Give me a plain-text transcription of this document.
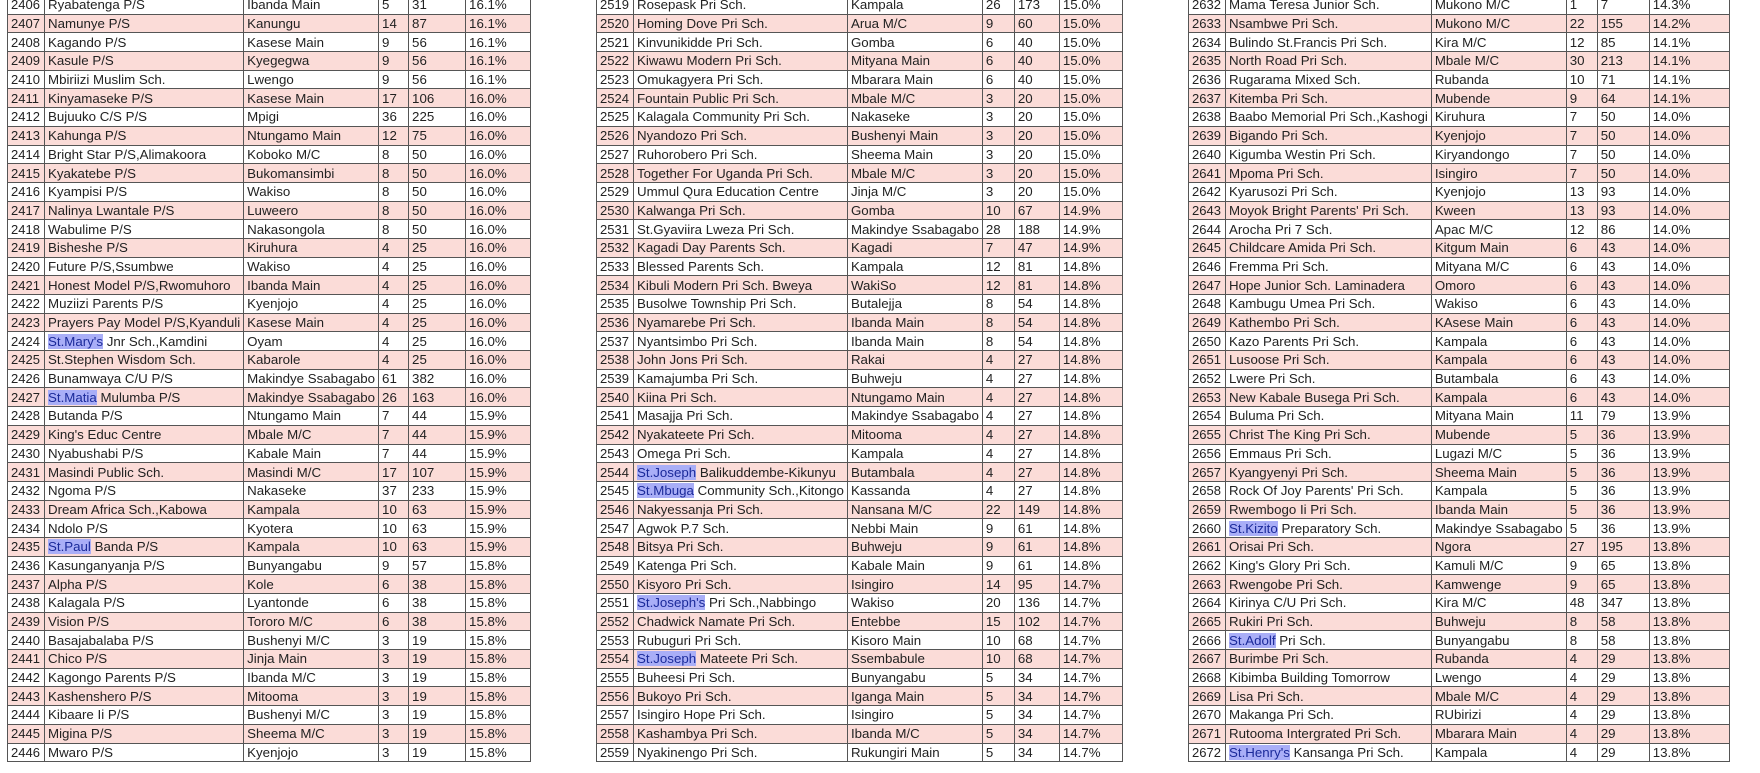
2406	Ryabatenga P/S	Ibanda Main	5	31	16.1%
2407	Namunye P/S	Kanungu	14	87	16.1%
2408	Kagando P/S	Kasese Main	9	56	16.1%
2409	Kasule P/S	Kyegegwa	9	56	16.1%
2410	Mbiriizi Muslim Sch.	Lwengo	9	56	16.1%
2411	Kinyamaseke P/S	Kasese Main	17	106	16.0%
2412	Bujuuko C/S P/S	Mpigi	36	225	16.0%
2413	Kahunga P/S	Ntungamo Main	12	75	16.0%
2414	Bright Star P/S,Alimakoora	Koboko M/C	8	50	16.0%
2415	Kyakatebe P/S	Bukomansimbi	8	50	16.0%
2416	Kyampisi P/S	Wakiso	8	50	16.0%
2417	Nalinya Lwantale P/S	Luweero	8	50	16.0%
2418	Wabulime P/S	Nakasongola	8	50	16.0%
2419	Bisheshe P/S	Kiruhura	4	25	16.0%
2420	Future P/S,Ssumbwe	Wakiso	4	25	16.0%
2421	Honest Model P/S,Rwomuhoro	Ibanda Main	4	25	16.0%
2422	Muziizi Parents P/S	Kyenjojo	4	25	16.0%
2423	Prayers Pay Model P/S,Kyanduli	Kasese Main	4	25	16.0%
2424	St.Mary's Jnr Sch.,Kamdini	Oyam	4	25	16.0%
2425	St.Stephen Wisdom Sch.	Kabarole	4	25	16.0%
2426	Bunamwaya C/U P/S	Makindye Ssabagabo	61	382	16.0%
2427	St.Matia Mulumba P/S	Makindye Ssabagabo	26	163	16.0%
2428	Butanda P/S	Ntungamo Main	7	44	15.9%
2429	King's Educ Centre	Mbale M/C	7	44	15.9%
2430	Nyabushabi P/S	Kabale Main	7	44	15.9%
2431	Masindi Public Sch.	Masindi M/C	17	107	15.9%
2432	Ngoma P/S	Nakaseke	37	233	15.9%
2433	Dream Africa Sch.,Kabowa	Kampala	10	63	15.9%
2434	Ndolo P/S	Kyotera	10	63	15.9%
2435	St.Paul Banda P/S	Kampala	10	63	15.9%
2436	Kasunganyanja P/S	Bunyangabu	9	57	15.8%
2437	Alpha P/S	Kole	6	38	15.8%
2438	Kalagala P/S	Lyantonde	6	38	15.8%
2439	Vision P/S	Tororo M/C	6	38	15.8%
2440	Basajabalaba P/S	Bushenyi M/C	3	19	15.8%
2441	Chico P/S	Jinja Main	3	19	15.8%
2442	Kagongo Parents P/S	Ibanda M/C	3	19	15.8%
2443	Kashenshero P/S	Mitooma	3	19	15.8%
2444	Kibaare Ii P/S	Bushenyi M/C	3	19	15.8%
2445	Migina P/S	Sheema M/C	3	19	15.8%
2446	Mwaro P/S	Kyenjojo	3	19	15.8%
2519	Rosepask Pri Sch.	Kampala	26	173	15.0%
2520	Homing Dove Pri Sch.	Arua M/C	9	60	15.0%
2521	Kinvunikidde Pri Sch.	Gomba	6	40	15.0%
2522	Kiwawu Modern Pri Sch.	Mityana Main	6	40	15.0%
2523	Omukagyera Pri Sch.	Mbarara Main	6	40	15.0%
2524	Fountain Public Pri Sch.	Mbale M/C	3	20	15.0%
2525	Kalagala Community Pri Sch.	Nakaseke	3	20	15.0%
2526	Nyandozo Pri Sch.	Bushenyi Main	3	20	15.0%
2527	Ruhorobero Pri Sch.	Sheema Main	3	20	15.0%
2528	Together For Uganda Pri Sch.	Mbale M/C	3	20	15.0%
2529	Ummul Qura Education Centre	Jinja M/C	3	20	15.0%
2530	Kalwanga Pri Sch.	Gomba	10	67	14.9%
2531	St.Gyaviira Lweza Pri Sch.	Makindye Ssabagabo	28	188	14.9%
2532	Kagadi Day Parents Sch.	Kagadi	7	47	14.9%
2533	Blessed Parents Sch.	Kampala	12	81	14.8%
2534	Kibuli Modern Pri Sch. Bweya	WakiSo	12	81	14.8%
2535	Busolwe Township Pri Sch.	Butalejja	8	54	14.8%
2536	Nyamarebe Pri Sch.	Ibanda Main	8	54	14.8%
2537	Nyantsimbo Pri Sch.	Ibanda Main	8	54	14.8%
2538	John Jons Pri Sch.	Rakai	4	27	14.8%
2539	Kamajumba Pri Sch.	Buhweju	4	27	14.8%
2540	Kiina Pri Sch.	Ntungamo Main	4	27	14.8%
2541	Masajja Pri Sch.	Makindye Ssabagabo	4	27	14.8%
2542	Nyakateete Pri Sch.	Mitooma	4	27	14.8%
2543	Omega Pri Sch.	Kampala	4	27	14.8%
2544	St.Joseph Balikuddembe-Kikunyu	Butambala	4	27	14.8%
2545	St.Mbuga Community Sch.,Kitongo	Kassanda	4	27	14.8%
2546	Nakyessanja Pri Sch.	Nansana M/C	22	149	14.8%
2547	Agwok P.7 Sch.	Nebbi Main	9	61	14.8%
2548	Bitsya Pri Sch.	Buhweju	9	61	14.8%
2549	Katenga Pri Sch.	Kabale Main	9	61	14.8%
2550	Kisyoro Pri Sch.	Isingiro	14	95	14.7%
2551	St.Joseph's Pri Sch.,Nabbingo	Wakiso	20	136	14.7%
2552	Chadwick Namate Pri Sch.	Entebbe	15	102	14.7%
2553	Rubuguri Pri Sch.	Kisoro Main	10	68	14.7%
2554	St.Joseph Mateete Pri Sch.	Ssembabule	10	68	14.7%
2555	Buheesi Pri Sch.	Bunyangabu	5	34	14.7%
2556	Bukoyo Pri Sch.	Iganga Main	5	34	14.7%
2557	Isingiro Hope Pri Sch.	Isingiro	5	34	14.7%
2558	Kashambya Pri Sch.	Ibanda M/C	5	34	14.7%
2559	Nyakinengo Pri Sch.	Rukungiri Main	5	34	14.7%
2632	Mama Teresa Junior Sch.	Mukono M/C	1	7	14.3%
2633	Nsambwe Pri Sch.	Mukono M/C	22	155	14.2%
2634	Bulindo St.Francis Pri Sch.	Kira M/C	12	85	14.1%
2635	North Road Pri Sch.	Mbale M/C	30	213	14.1%
2636	Rugarama Mixed Sch.	Rubanda	10	71	14.1%
2637	Kitemba Pri Sch.	Mubende	9	64	14.1%
2638	Baabo Memorial Pri Sch.,Kashogi	Kiruhura	7	50	14.0%
2639	Bigando Pri Sch.	Kyenjojo	7	50	14.0%
2640	Kigumba Westin Pri Sch.	Kiryandongo	7	50	14.0%
2641	Mpoma Pri Sch.	Isingiro	7	50	14.0%
2642	Kyarusozi Pri Sch.	Kyenjojo	13	93	14.0%
2643	Moyok Bright Parents' Pri Sch.	Kween	13	93	14.0%
2644	Arocha Pri 7 Sch.	Apac M/C	12	86	14.0%
2645	Childcare Amida Pri Sch.	Kitgum Main	6	43	14.0%
2646	Fremma Pri Sch.	Mityana M/C	6	43	14.0%
2647	Hope Junior Sch. Laminadera	Omoro	6	43	14.0%
2648	Kambugu Umea Pri Sch.	Wakiso	6	43	14.0%
2649	Kathembo Pri Sch.	KAsese Main	6	43	14.0%
2650	Kazo Parents Pri Sch.	Kampala	6	43	14.0%
2651	Lusoose Pri Sch.	Kampala	6	43	14.0%
2652	Lwere Pri Sch.	Butambala	6	43	14.0%
2653	New Kabale Busega Pri Sch.	Kampala	6	43	14.0%
2654	Buluma Pri Sch.	Mityana Main	11	79	13.9%
2655	Christ The King Pri Sch.	Mubende	5	36	13.9%
2656	Emmaus Pri Sch.	Lugazi M/C	5	36	13.9%
2657	Kyangyenyi Pri Sch.	Sheema Main	5	36	13.9%
2658	Rock Of Joy Parents' Pri Sch.	Kampala	5	36	13.9%
2659	Rwembogo Ii Pri Sch.	Ibanda Main	5	36	13.9%
2660	St.Kizito Preparatory Sch.	Makindye Ssabagabo	5	36	13.9%
2661	Orisai Pri Sch.	Ngora	27	195	13.8%
2662	King's Glory Pri Sch.	Kamuli M/C	9	65	13.8%
2663	Rwengobe Pri Sch.	Kamwenge	9	65	13.8%
2664	Kirinya C/U Pri Sch.	Kira M/C	48	347	13.8%
2665	Rukiri Pri Sch.	Buhweju	8	58	13.8%
2666	St.Adolf Pri Sch.	Bunyangabu	8	58	13.8%
2667	Burimbe Pri Sch.	Rubanda	4	29	13.8%
2668	Kibimba Building Tomorrow	Lwengo	4	29	13.8%
2669	Lisa Pri Sch.	Mbale M/C	4	29	13.8%
2670	Makanga Pri Sch.	RUbirizi	4	29	13.8%
2671	Rutooma Intergrated Pri Sch.	Mbarara Main	4	29	13.8%
2672	St.Henry's Kansanga Pri Sch.	Kampala	4	29	13.8%
